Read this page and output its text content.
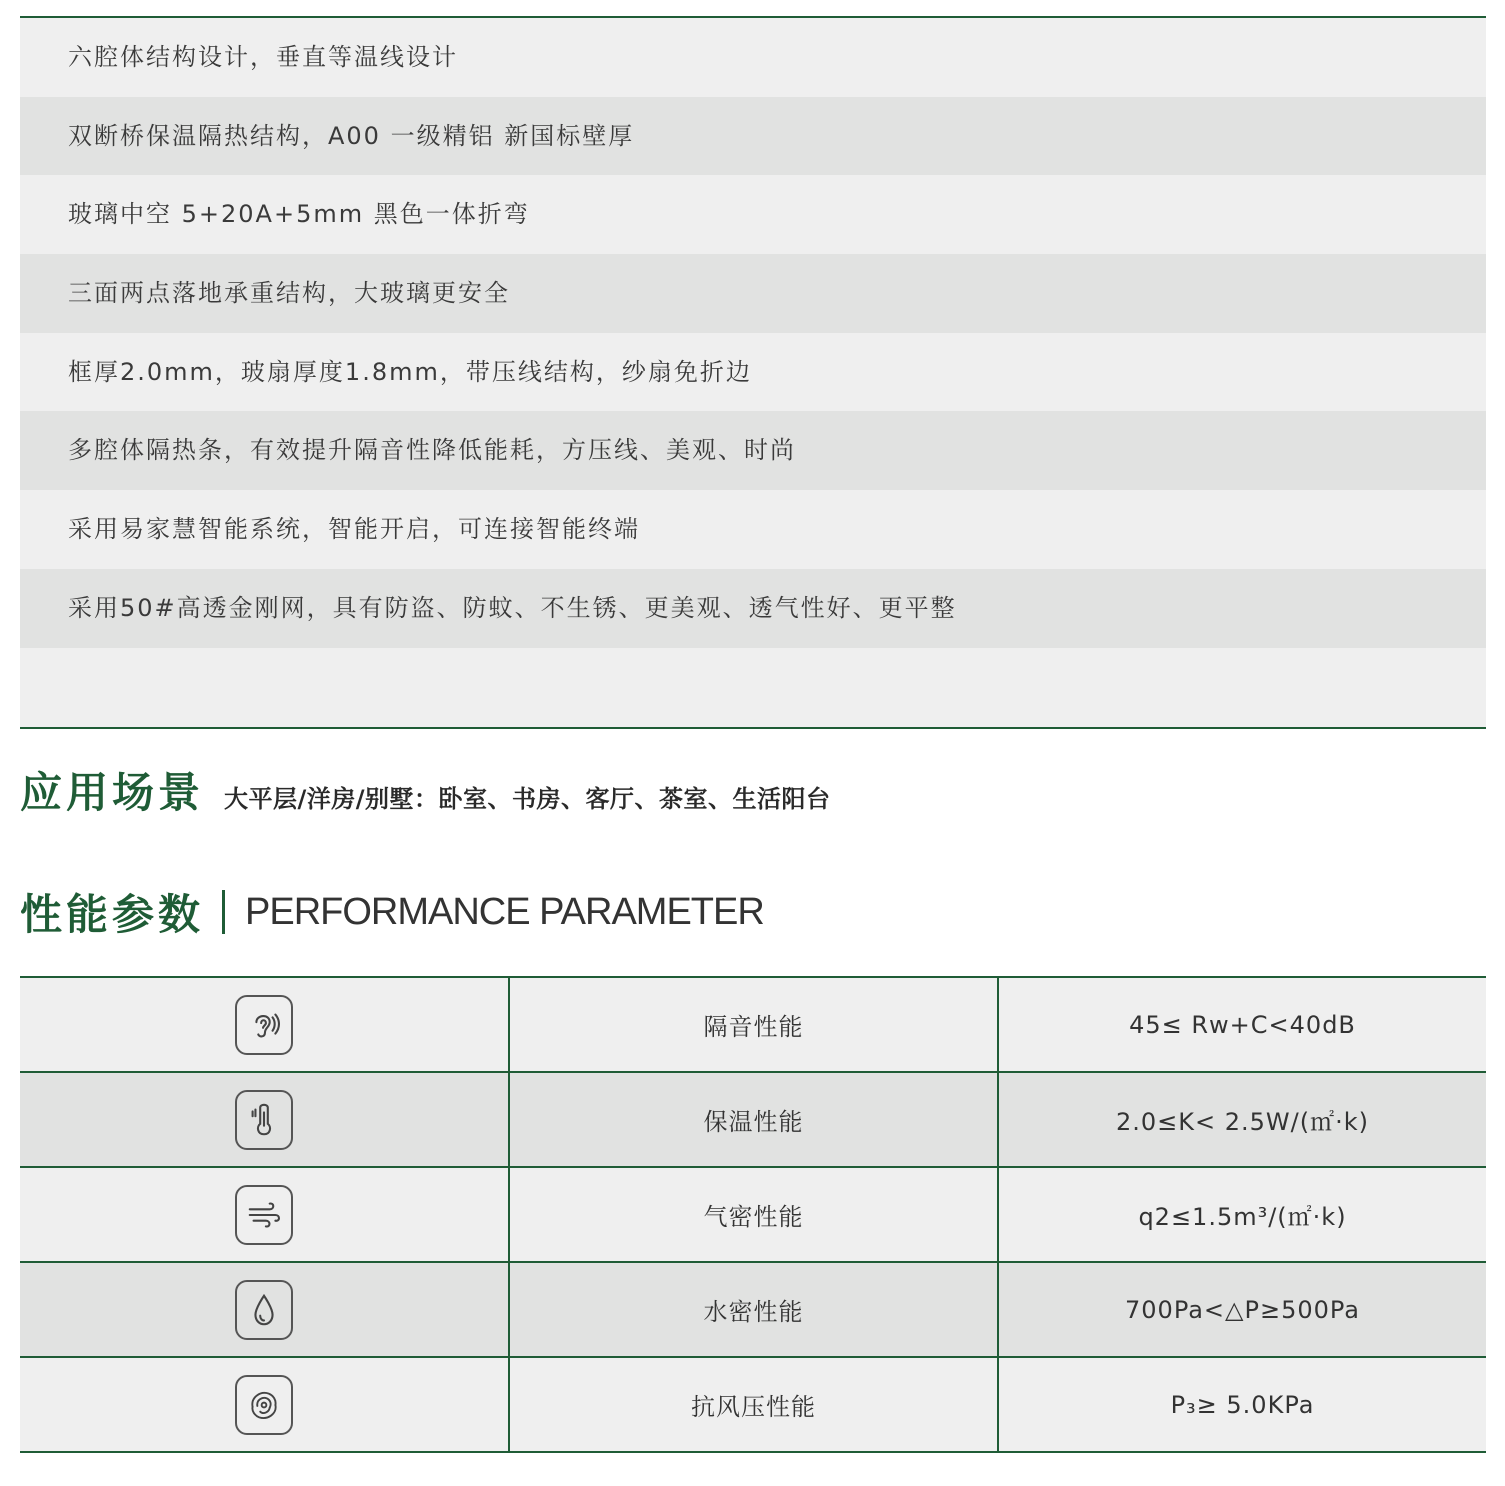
六腔体结构设计，垂直等温线设计
双断桥保温隔热结构，A00 一级精铝 新国标壁厚
玻璃中空 5+20A+5mm 黑色一体折弯
三面两点落地承重结构，大玻璃更安全
框厚2.0mm，玻扇厚度1.8mm，带压线结构，纱扇免折边
多腔体隔热条，有效提升隔音性降低能耗，方压线、美观、时尚
采用易家慧智能系统，智能开启，可连接智能终端
采用50#高透金刚网，具有防盗、防蚊、不生锈、更美观、透气性好、更平整
应用场景 大平层/洋房/别墅：卧室、书房、客厅、茶室、生活阳台
性能参数 PERFORMANCE PARAMETER
隔音性能	45≤ Rw+C<40dB
保温性能	2.0≤K< 2.5W/(㎡·k)
气密性能	q2≤1.5m³/(㎡·k)
水密性能	700Pa<△P≥500Pa
抗风压性能	P₃≥ 5.0KPa
